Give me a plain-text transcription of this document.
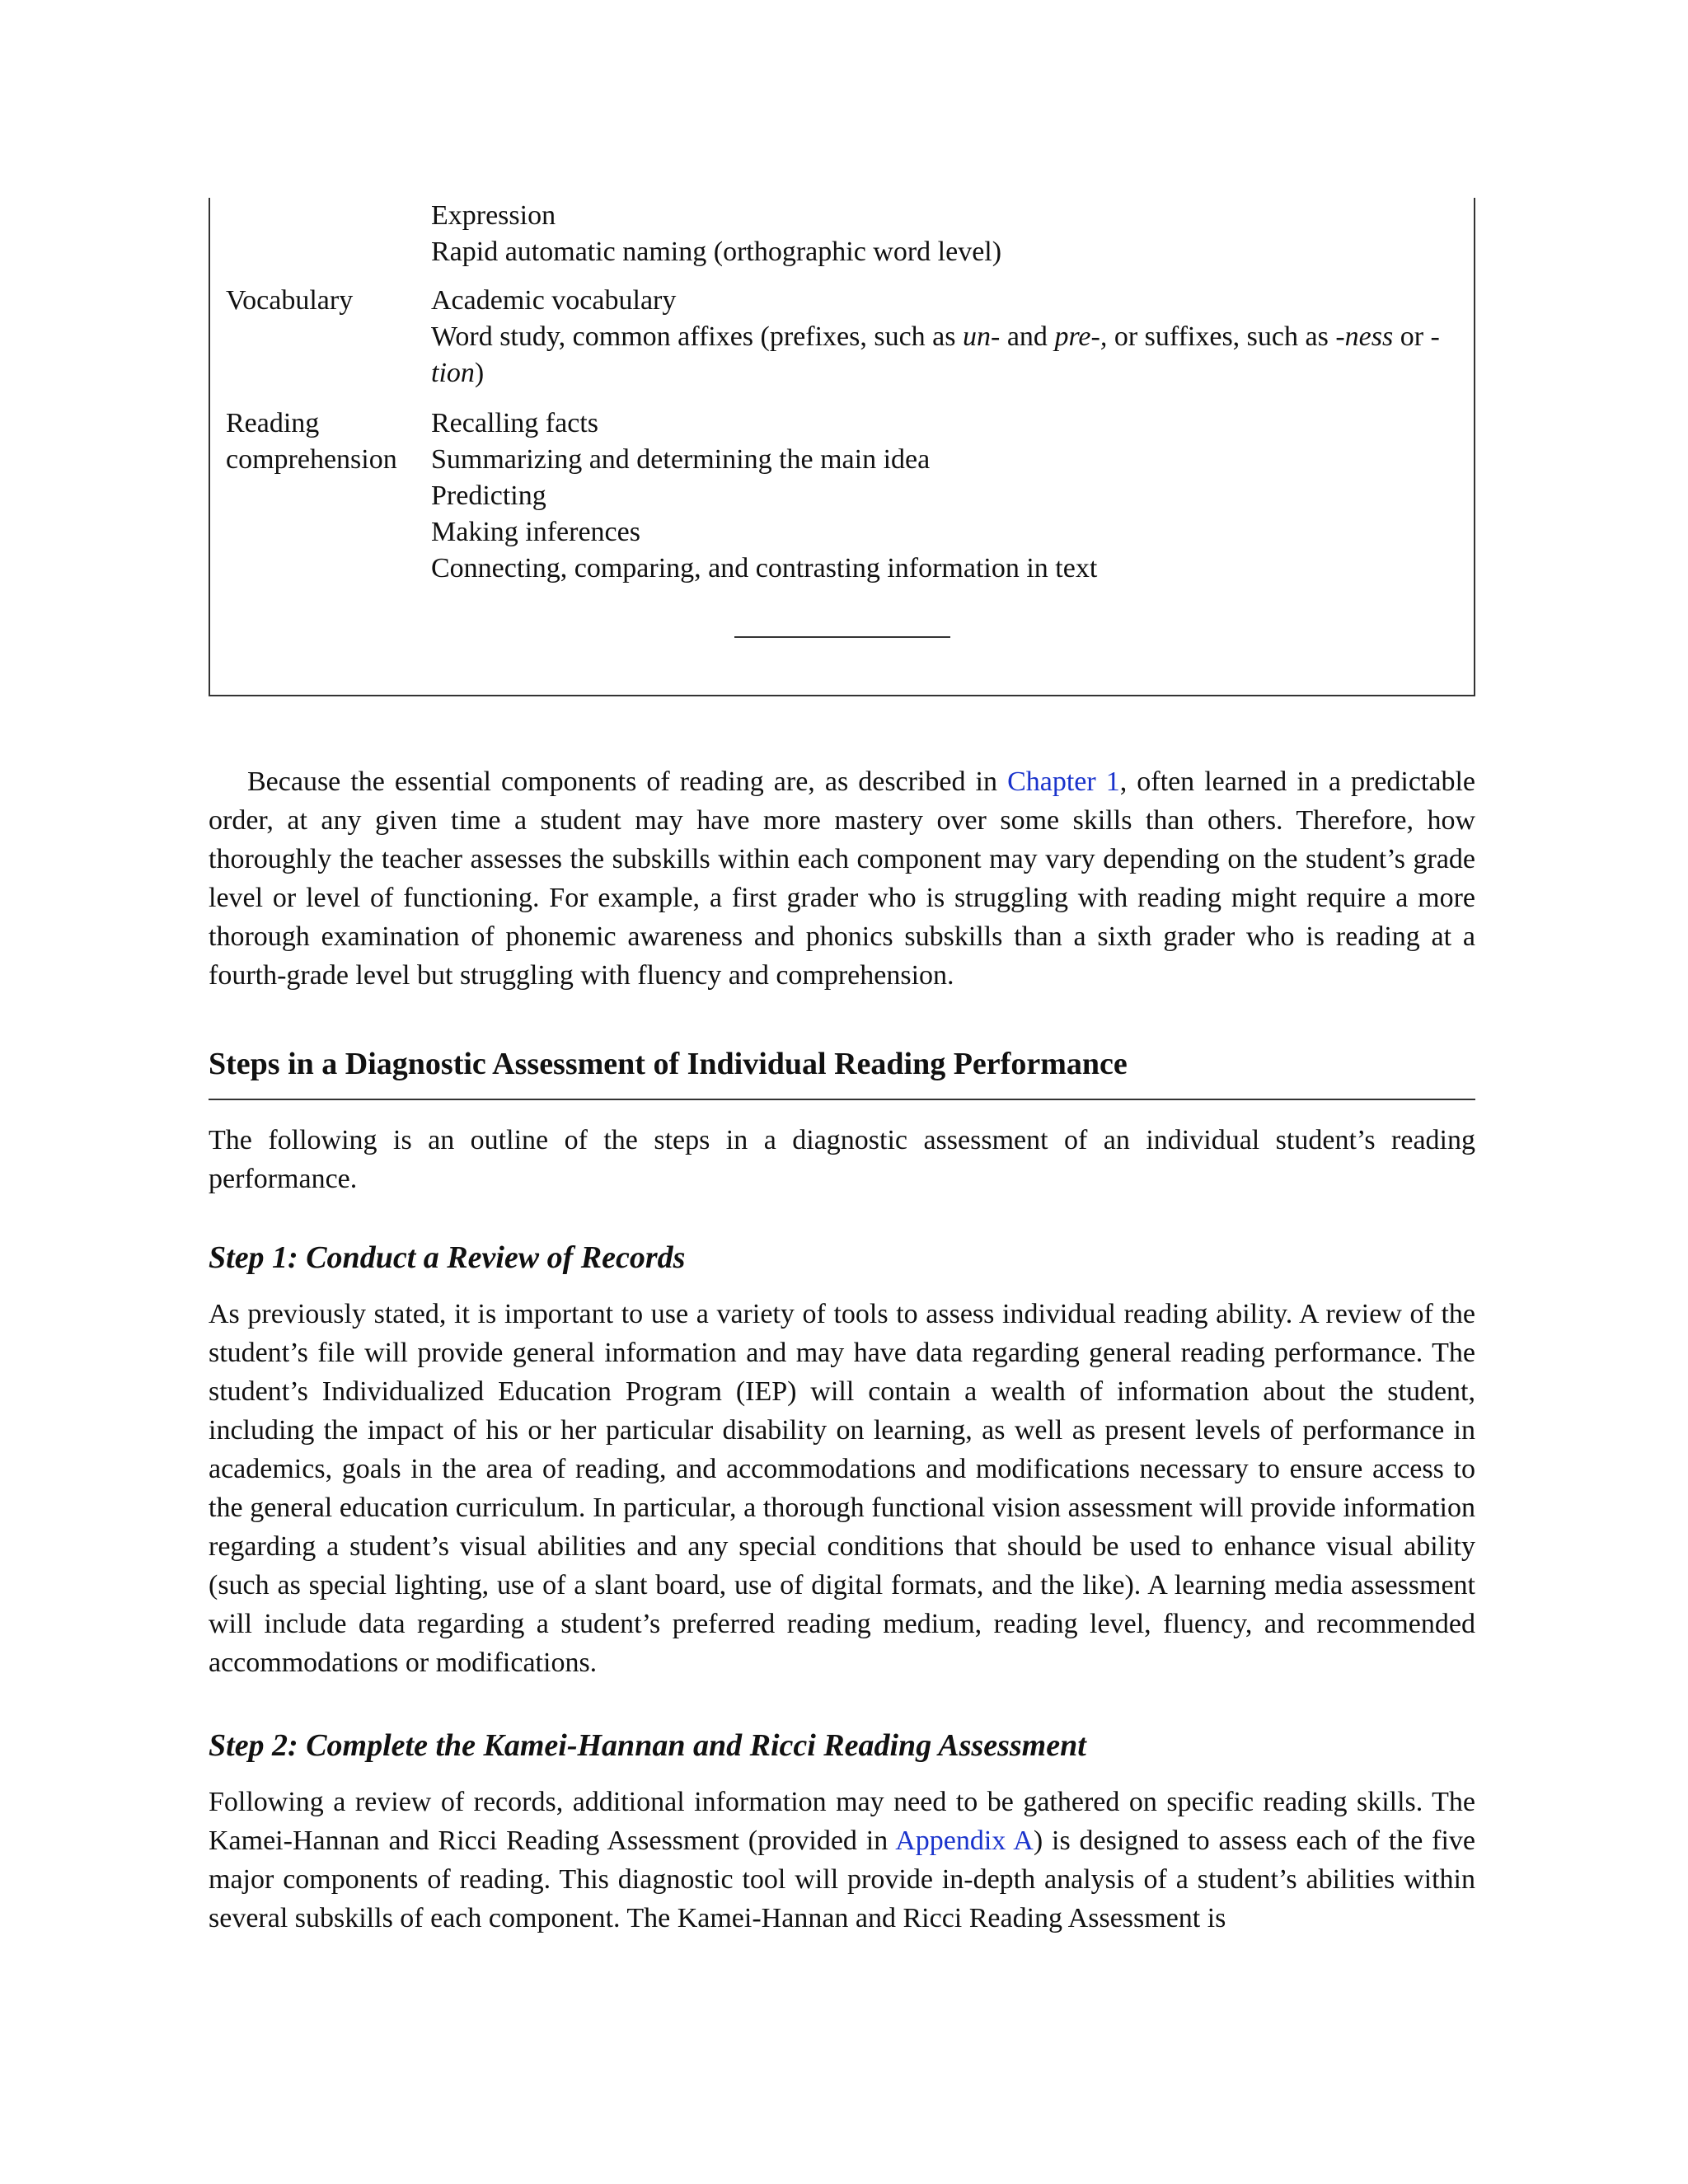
Expression
Rapid automatic naming (orthographic word level)
Vocabulary	Academic vocabulary
Word study, common affixes (prefixes, such as un- and pre-, or suffixes, such as -ness or -tion)
Reading
comprehension
Recalling facts
Summarizing and determining the main idea
Predicting
Making inferences
Connecting, comparing, and contrasting information in text

Because the essential components of reading are, as described in Chapter 1, often learned in a predictable order, at any given time a student may have more mastery over some skills than others. Therefore, how thoroughly the teacher assesses the subskills within each component may vary depending on the student’s grade level or level of functioning. For example, a first grader who is struggling with reading might require a more thorough examination of phonemic awareness and phonics subskills than a sixth grader who is reading at a fourth-grade level but struggling with fluency and comprehension.

Steps in a Diagnostic Assessment of Individual Reading Performance

The following is an outline of the steps in a diagnostic assessment of an individual student’s reading performance.

Step 1: Conduct a Review of Records

As previously stated, it is important to use a variety of tools to assess individual reading ability. A review of the student’s file will provide general information and may have data regarding general reading performance. The student’s Individualized Education Program (IEP) will contain a wealth of information about the student, including the impact of his or her particular disability on learning, as well as present levels of performance in academics, goals in the area of reading, and accommodations and modifications necessary to ensure access to the general education curriculum. In particular, a thorough functional vision assessment will provide information regarding a student’s visual abilities and any special conditions that should be used to enhance visual ability (such as special lighting, use of a slant board, use of digital formats, and the like). A learning media assessment will include data regarding a student’s preferred reading medium, reading level, fluency, and recommended accommodations or modifications.

Step 2: Complete the Kamei-Hannan and Ricci Reading Assessment

Following a review of records, additional information may need to be gathered on specific reading skills. The Kamei-Hannan and Ricci Reading Assessment (provided in Appendix A) is designed to assess each of the five major components of reading. This diagnostic tool will provide in-depth analysis of a student’s abilities within several subskills of each component. The Kamei-Hannan and Ricci Reading Assessment is
